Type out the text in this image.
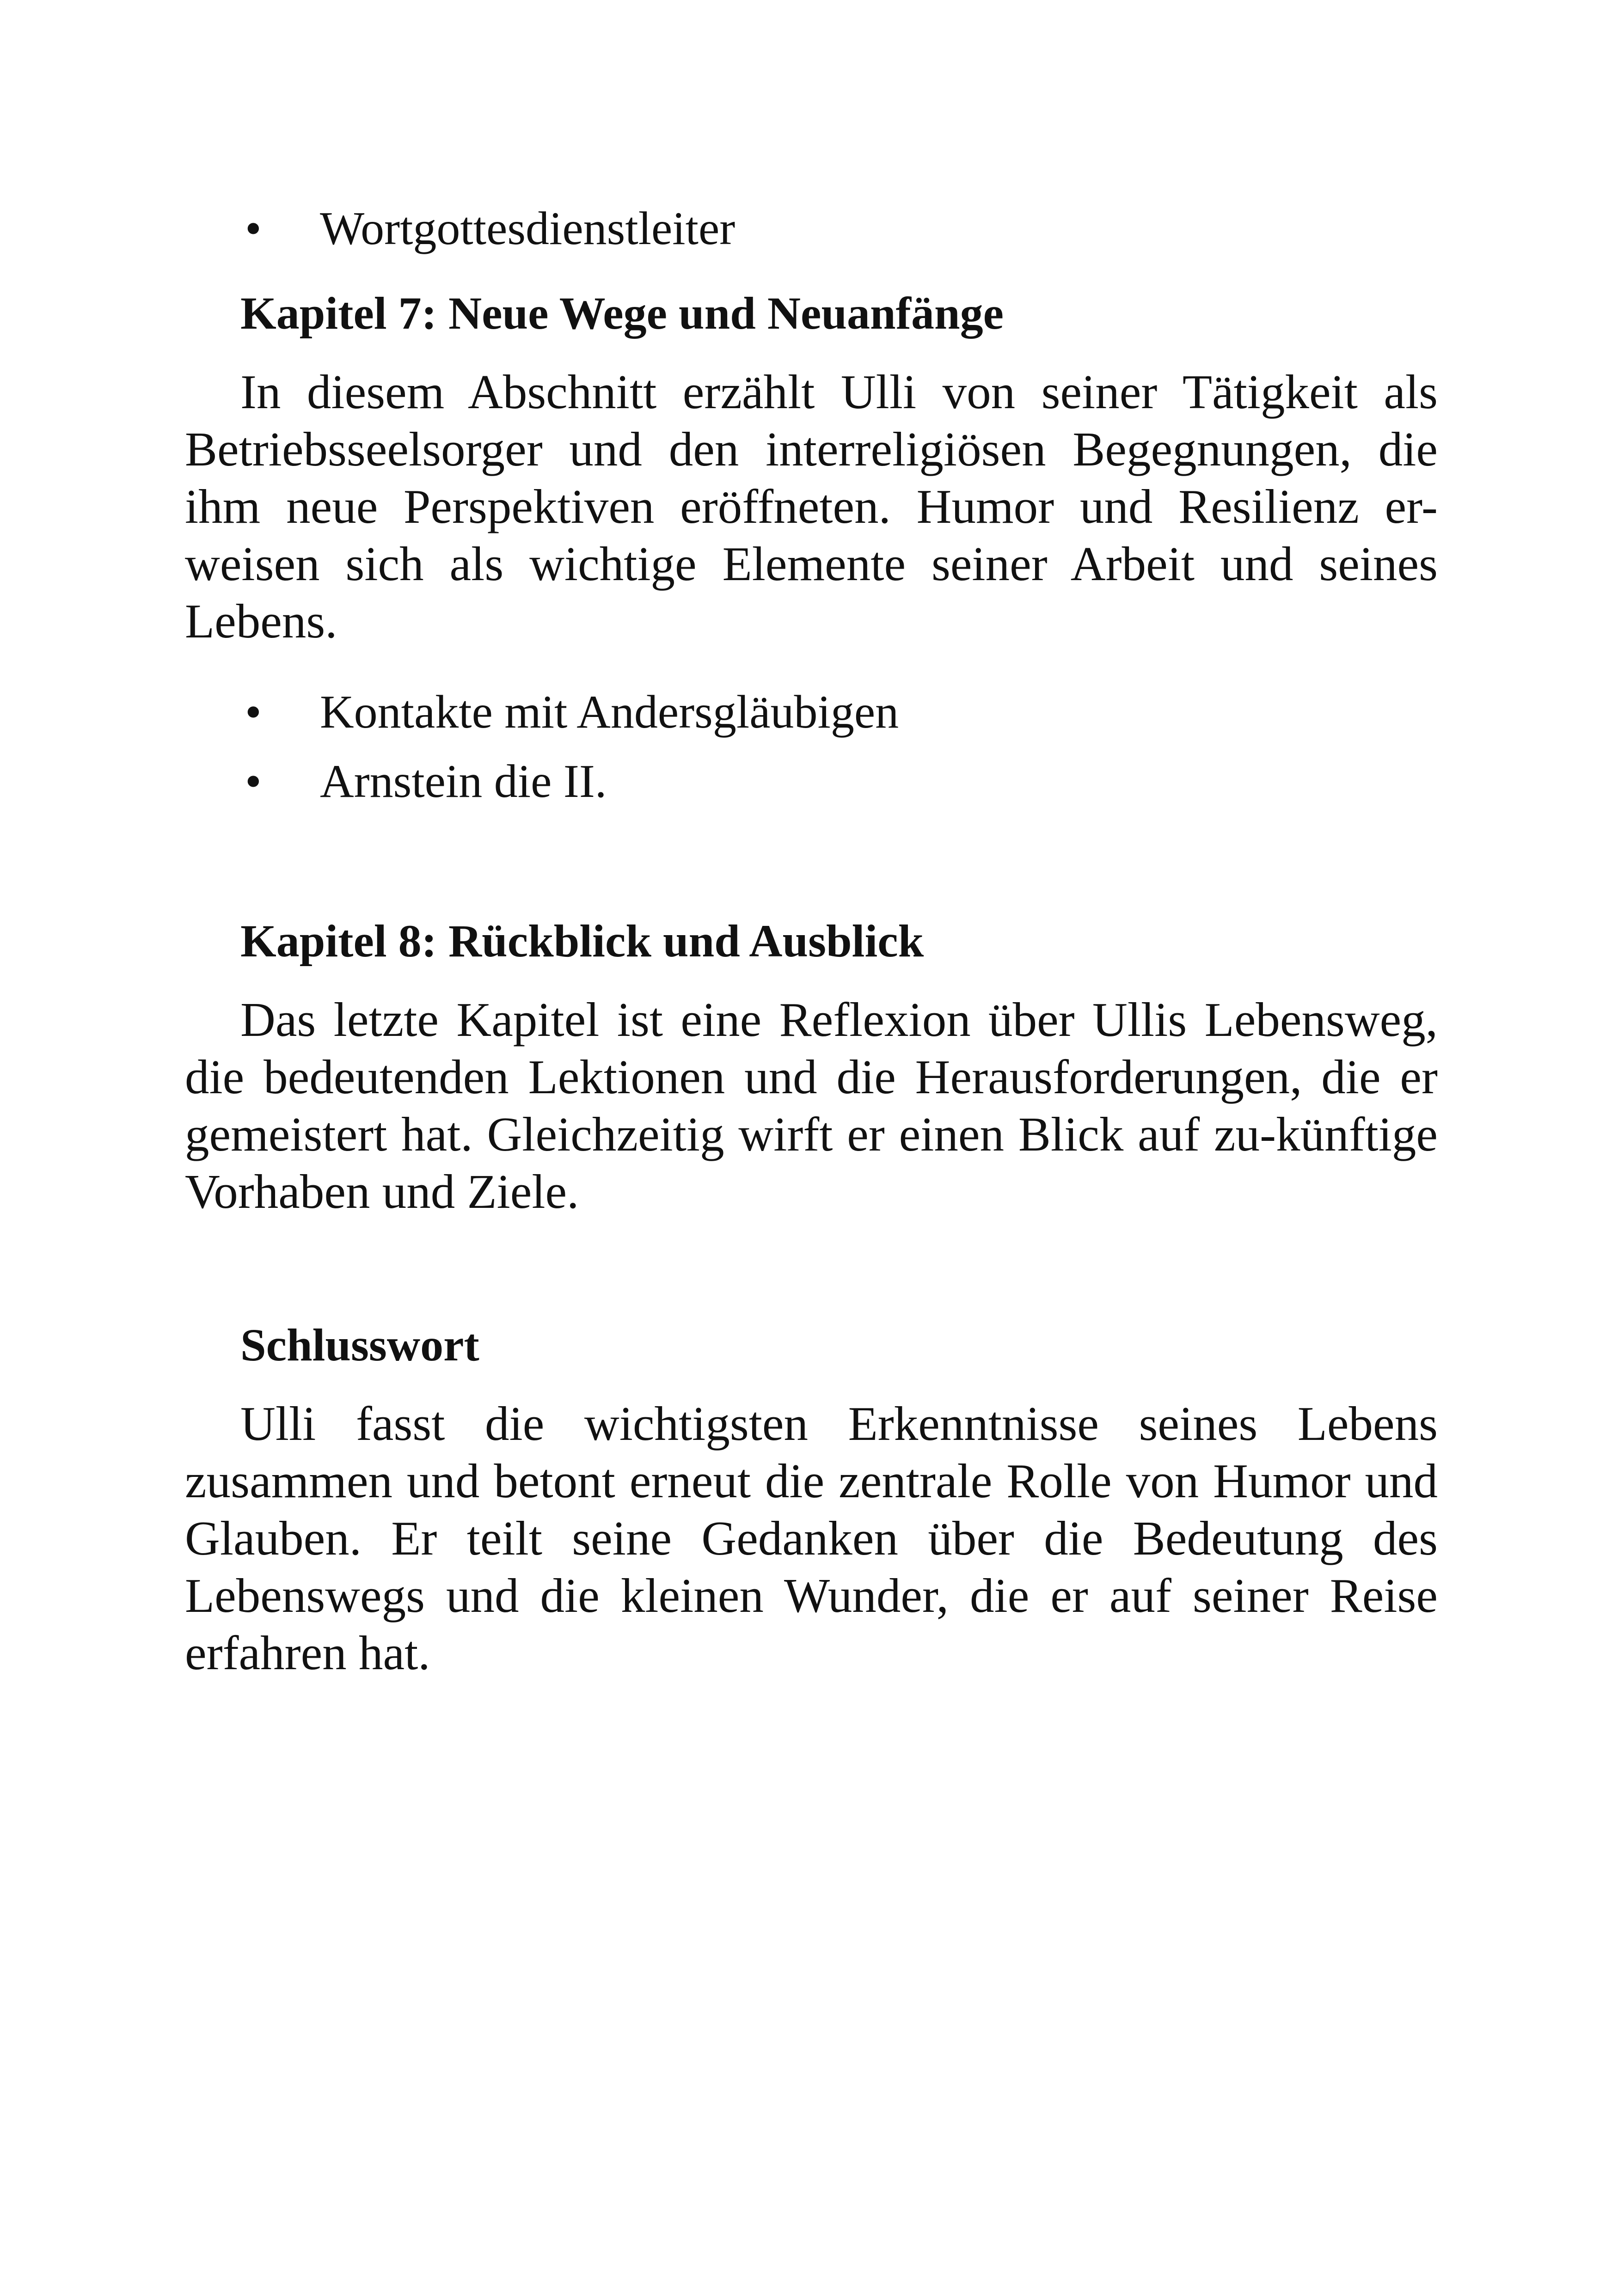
• Wortgottesdienstleiter
Kapitel 7: Neue Wege und Neuanfänge

In diesem Abschnitt erzählt Ulli von seiner Tätigkeit als Betriebsseelsorger und den interreligiösen Begegnungen, die ihm neue Perspektiven eröffneten. Humor und Resilienz er-weisen sich als wichtige Elemente seiner Arbeit und seines Lebens.

• Kontakte mit Andersgläubigen
• Arnstein die II.
Kapitel 8: Rückblick und Ausblick

Das letzte Kapitel ist eine Reflexion über Ullis Lebensweg, die bedeutenden Lektionen und die Herausforderungen, die er gemeistert hat. Gleichzeitig wirft er einen Blick auf zu-künftige Vorhaben und Ziele.

Schlusswort

Ulli fasst die wichtigsten Erkenntnisse seines Lebens zusammen und betont erneut die zentrale Rolle von Humor und Glauben. Er teilt seine Gedanken über die Bedeutung des Lebenswegs und die kleinen Wunder, die er auf seiner Reise erfahren hat.
